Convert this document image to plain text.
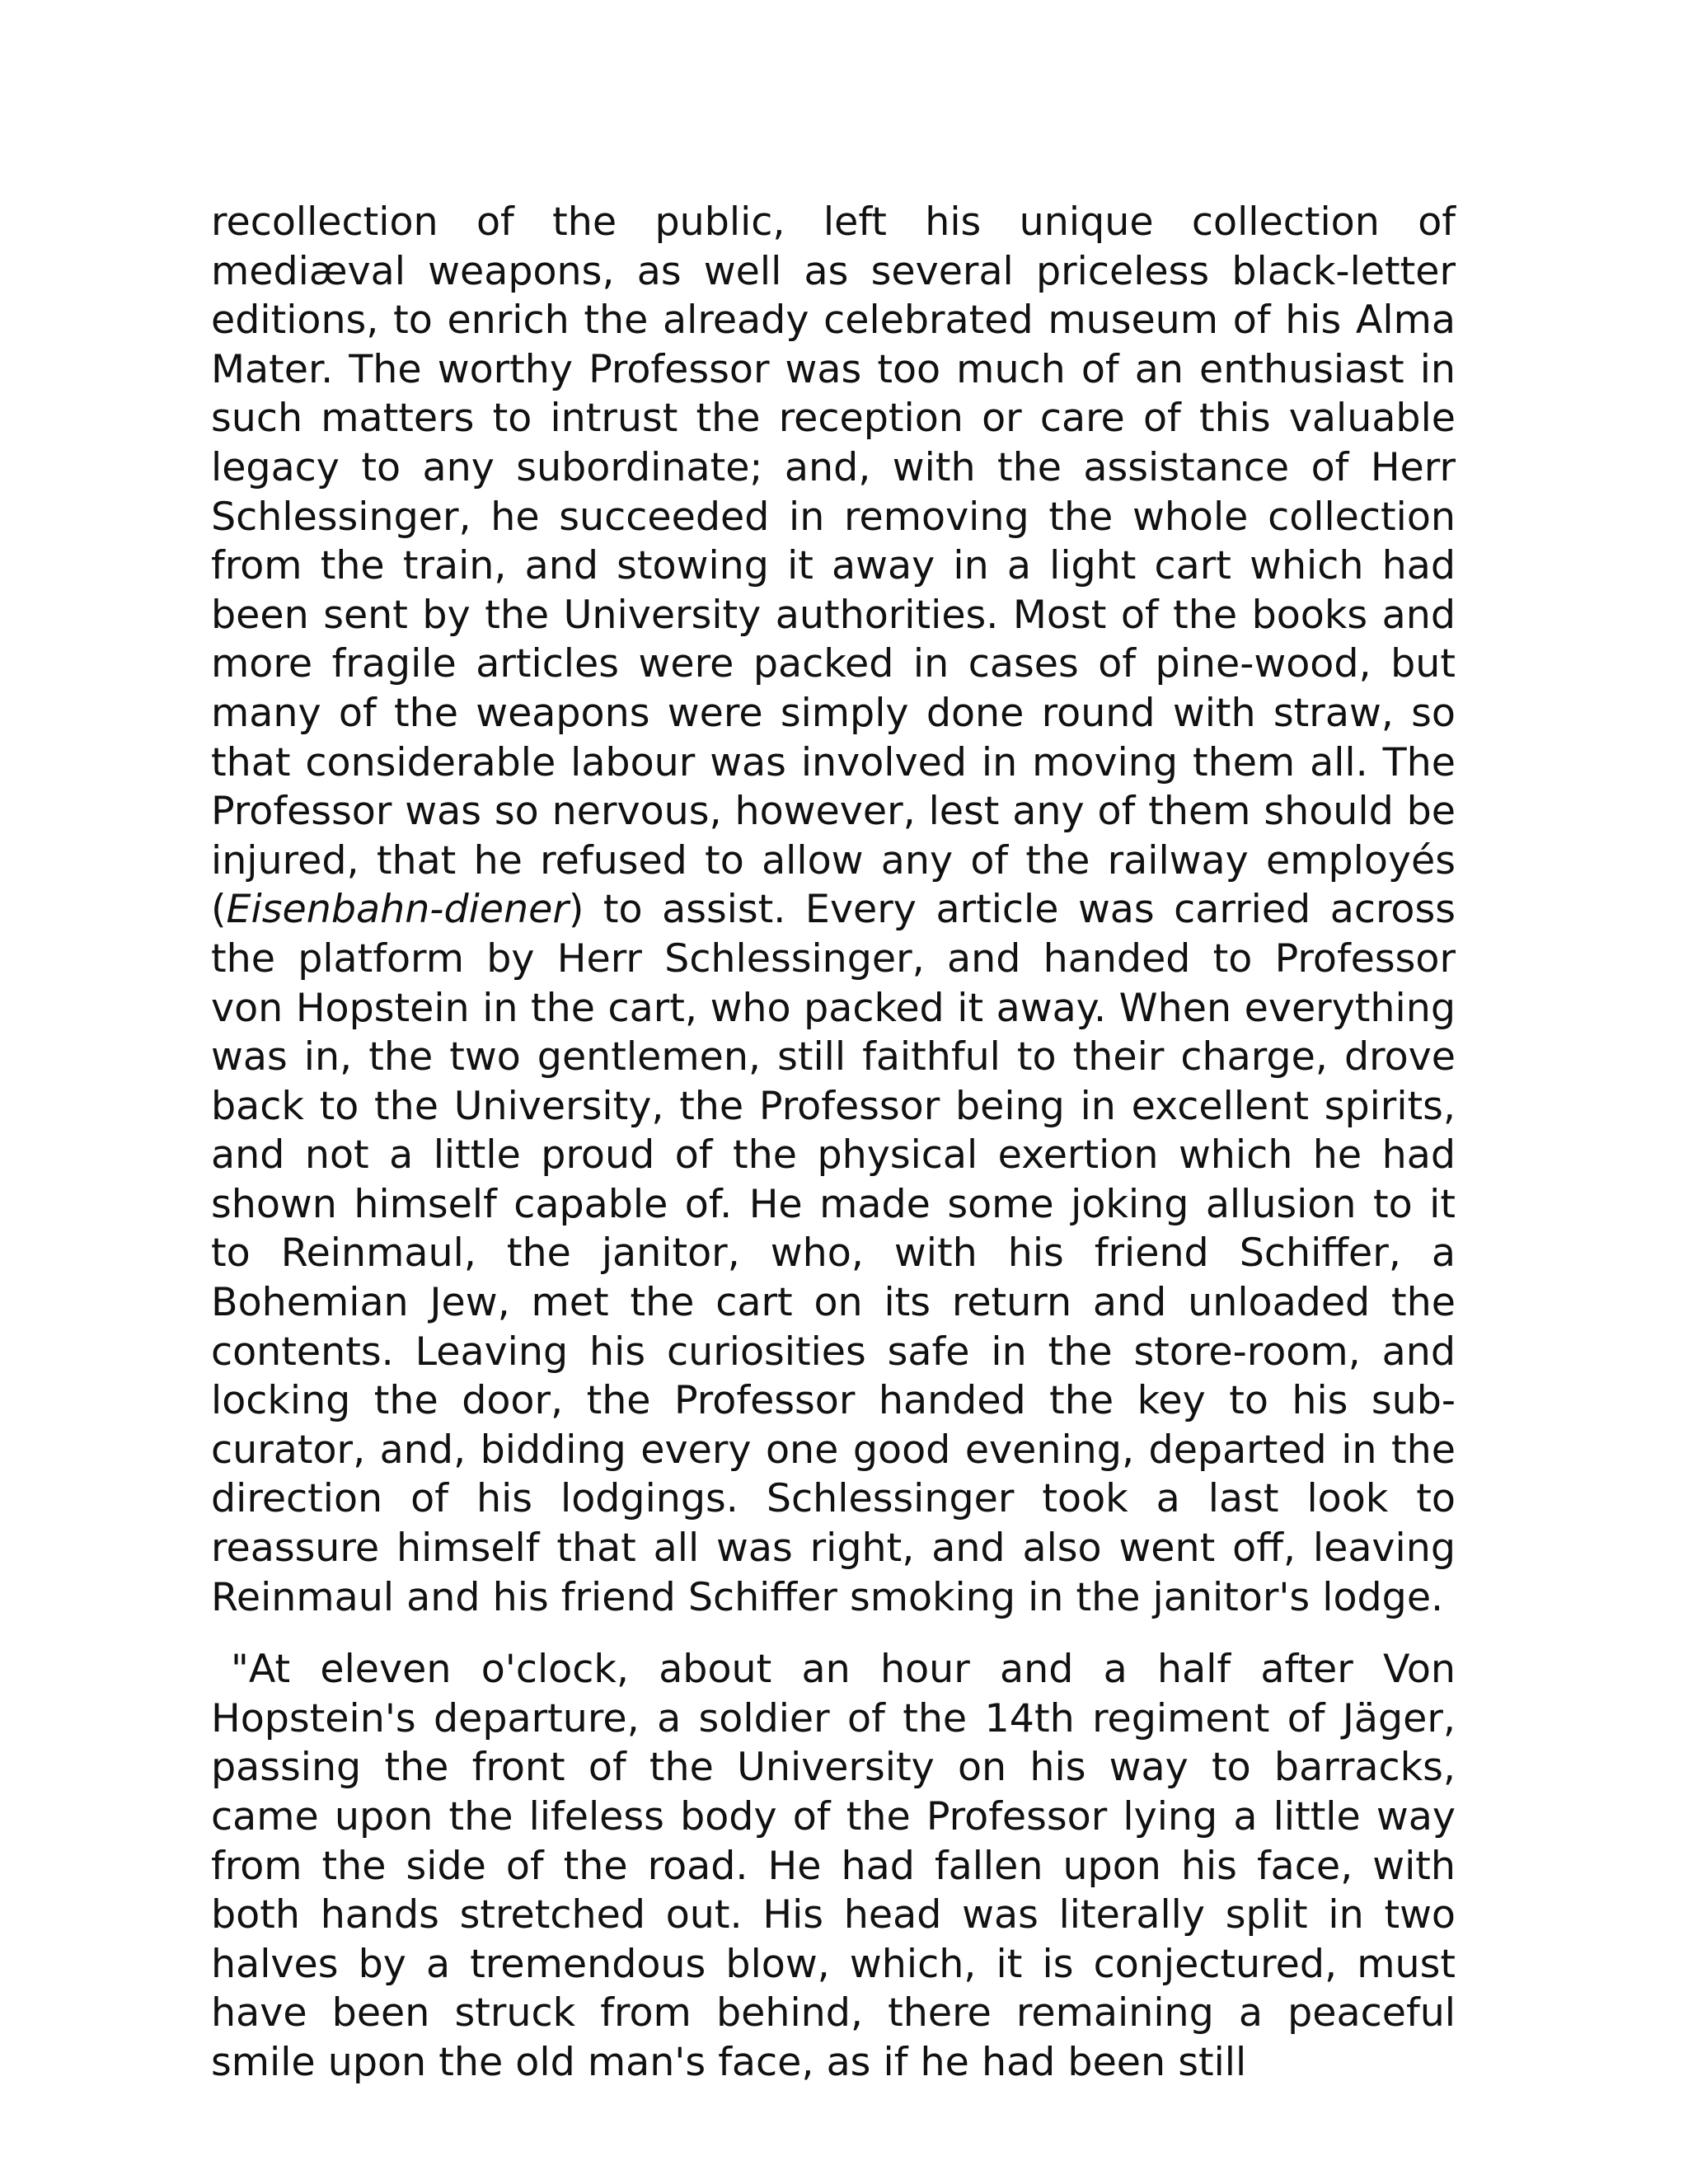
recollection of the public, left his unique collection of mediæval weapons, as well as several priceless black-letter editions, to enrich the already celebrated museum of his Alma Mater. The worthy Professor was too much of an enthusiast in such matters to intrust the reception or care of this valuable legacy to any subordinate; and, with the assistance of Herr Schlessinger, he succeeded in removing the whole collection from the train, and stowing it away in a light cart which had been sent by the University authorities. Most of the books and more fragile articles were packed in cases of pine-wood, but many of the weapons were simply done round with straw, so that considerable labour was involved in moving them all. The Professor was so nervous, however, lest any of them should be injured, that he refused to allow any of the railway employés (Eisenbahn-diener) to assist. Every article was carried across the platform by Herr Schlessinger, and handed to Professor von Hopstein in the cart, who packed it away. When everything was in, the two gentlemen, still faithful to their charge, drove back to the University, the Professor being in excellent spirits, and not a little proud of the physical exertion which he had shown himself capable of. He made some joking allusion to it to Reinmaul, the janitor, who, with his friend Schiffer, a Bohemian Jew, met the cart on its return and unloaded the contents. Leaving his curiosities safe in the store-room, and locking the door, the Professor handed the key to his sub-curator, and, bidding every one good evening, departed in the direction of his lodgings. Schlessinger took a last look to reassure himself that all was right, and also went off, leaving Reinmaul and his friend Schiffer smoking in the janitor's lodge.

"At eleven o'clock, about an hour and a half after Von Hopstein's departure, a soldier of the 14th regiment of Jäger, passing the front of the University on his way to barracks, came upon the lifeless body of the Professor lying a little way from the side of the road. He had fallen upon his face, with both hands stretched out. His head was literally split in two halves by a tremendous blow, which, it is conjectured, must have been struck from behind, there remaining a peaceful smile upon the old man's face, as if he had been still
